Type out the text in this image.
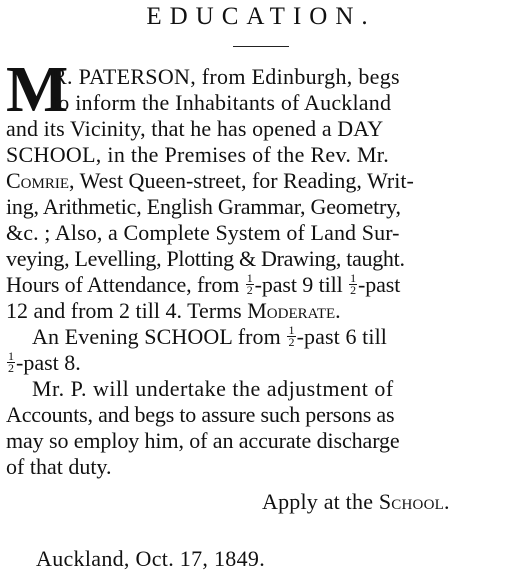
EDUCATION.
M
R. PATERSON, from Edinburgh, begs
to inform the Inhabitants of Auckland
and its Vicinity, that he has opened a DAY
SCHOOL, in the Premises of the Rev. Mr.
Comrie, West Queen-street, for Reading, Writ-
ing, Arithmetic, English Grammar, Geometry,
&c. ; Also, a Complete System of Land Sur-
veying, Levelling, Plotting & Drawing, taught.
Hours of Attendance, from $\frac{1}{2}$ -past 9 till $\frac{1}{2}$ -past
12 and from 2 till 4. Terms Moderate.
An Evening SCHOOL from $\frac{1}{2}$ -past 6 till
$\frac{1}{2}$ -past 8.
Mr. P. will undertake the adjustment of
Accounts, and begs to assure such persons as
may so employ him, of an accurate discharge
of that duty.
Apply at the School.
Auckland, Oct. 17, 1849.
